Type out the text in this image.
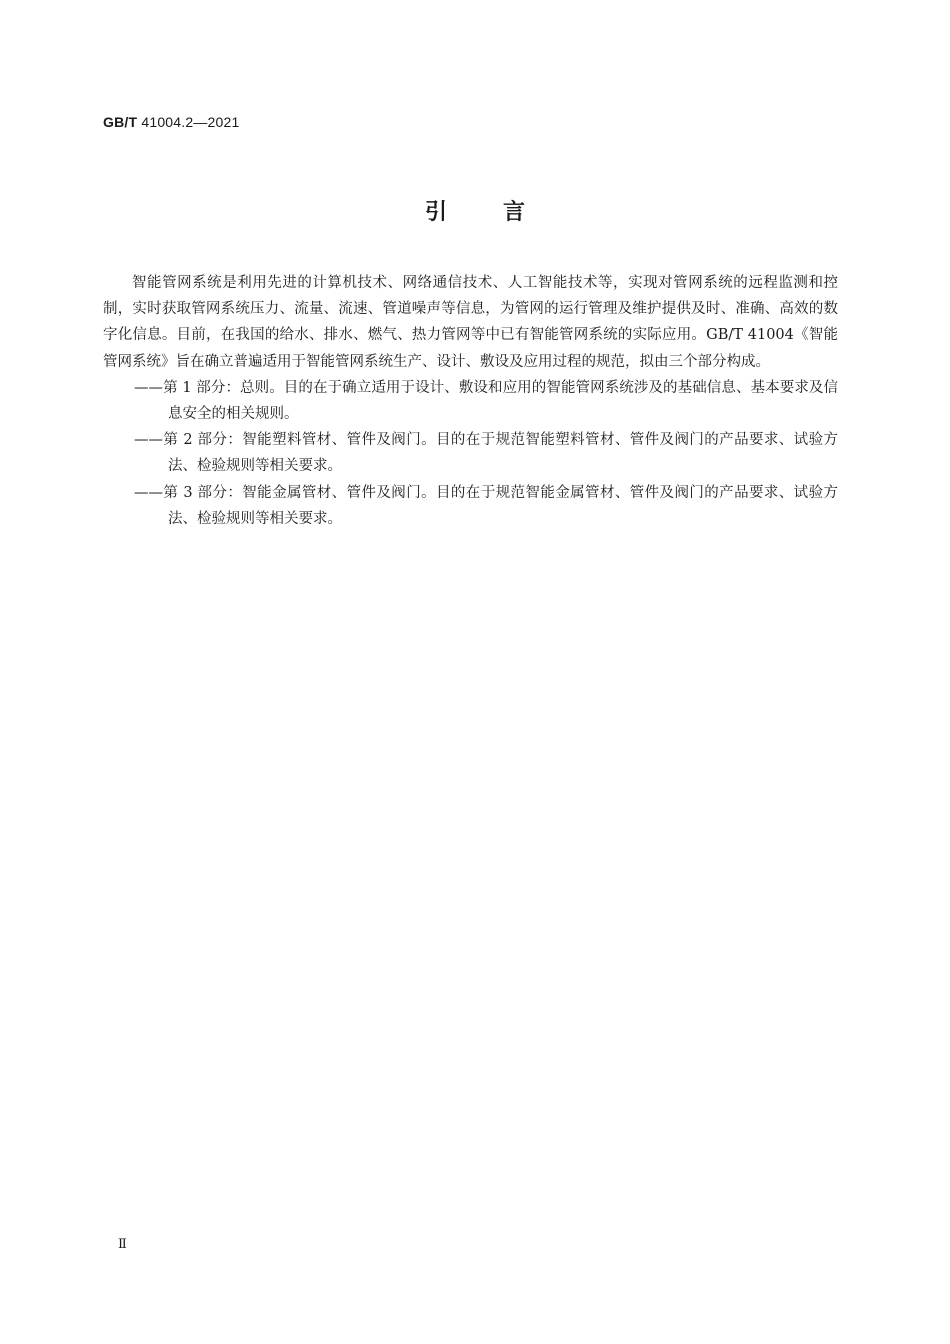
GB/T 41004.2—2021
引言

智能管网系统是利用先进的计算机技术、网络通信技术、人工智能技术等，实现对管网系统的远程监测和控制，实时获取管网系统压力、流量、流速、管道噪声等信息，为管网的运行管理及维护提供及时、准确、高效的数字化信息。目前，在我国的给水、排水、燃气、热力管网等中已有智能管网系统的实际应用。GB/T 41004《智能管网系统》旨在确立普遍适用于智能管网系统生产、设计、敷设及应用过程的规范，拟由三个部分构成。

——第 1 部分：总则。目的在于确立适用于设计、敷设和应用的智能管网系统涉及的基础信息、基本要求及信息安全的相关规则。

——第 2 部分：智能塑料管材、管件及阀门。目的在于规范智能塑料管材、管件及阀门的产品要求、试验方法、检验规则等相关要求。

——第 3 部分：智能金属管材、管件及阀门。目的在于规范智能金属管材、管件及阀门的产品要求、试验方法、检验规则等相关要求。

Ⅱ
